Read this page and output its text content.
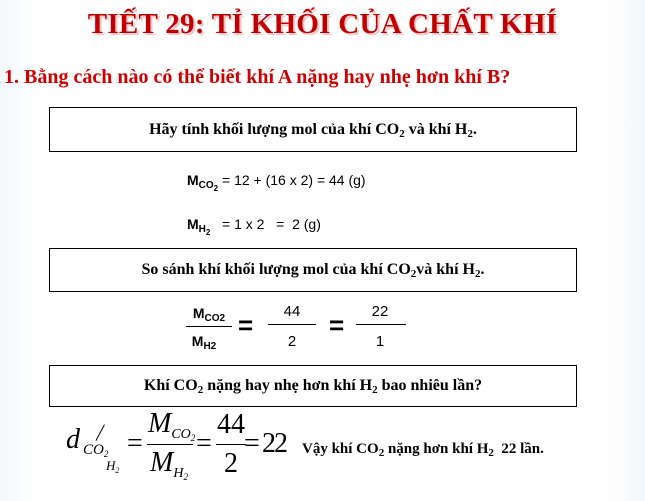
TIẾT 29: TỈ KHỐI CỦA CHẤT KHÍ
1. Bằng cách nào có thể biết khí A nặng hay nhẹ hơn khí B?
Hãy tính khối lượng mol của khí $CO_2$ và khí $H_2$.
$M_{CO_2} = 12 + (16$ x 2) = 44 (g)
$M_{H_2} = 1$ x 2   =  2 (g)
So sánh khí khối lượng mol của khí $CO_2và$ khí $H_2$.
$M_{CO2}$
$M_{H2}$
=	44
2
=	22
1
Khí $CO_2$ nặng hay nhẹ hơn khí $H_2$ bao nhiêu lần?
d $CO_2$
$H_2$
=
$M_{CO_2}$
$M_{H_2}$
=
44
2
= 22 Vậy khí $CO_2$ nặng hơn khí $H_2$  22 lần.
